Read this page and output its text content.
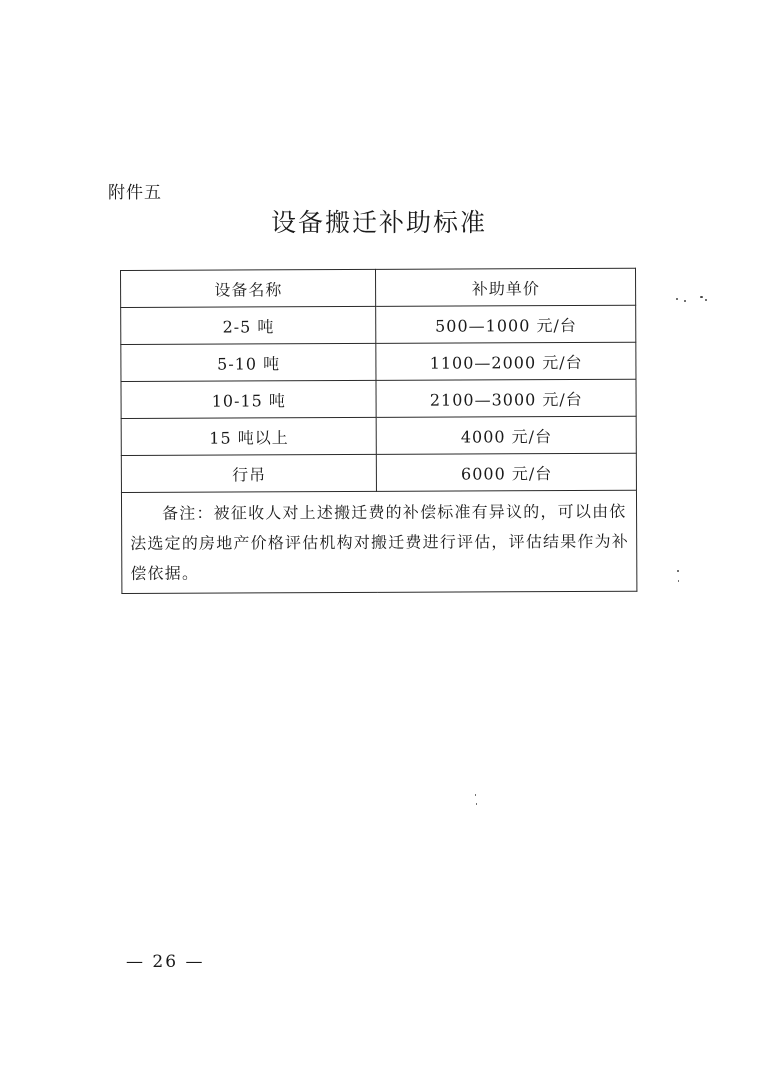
附件五
设备搬迁补助标准
设备名称	补助单价
2-5 吨	500—1000 元/台
5-10 吨	1100—2000 元/台
10-15 吨	2100—3000 元/台
15 吨以上	4000 元/台
行吊	6000 元/台
备注：被征收人对上述搬迁费的补偿标准有异议的，可以由依法选定的房地产价格评估机构对搬迁费进行评估，评估结果作为补偿依据。	
— 26 —
